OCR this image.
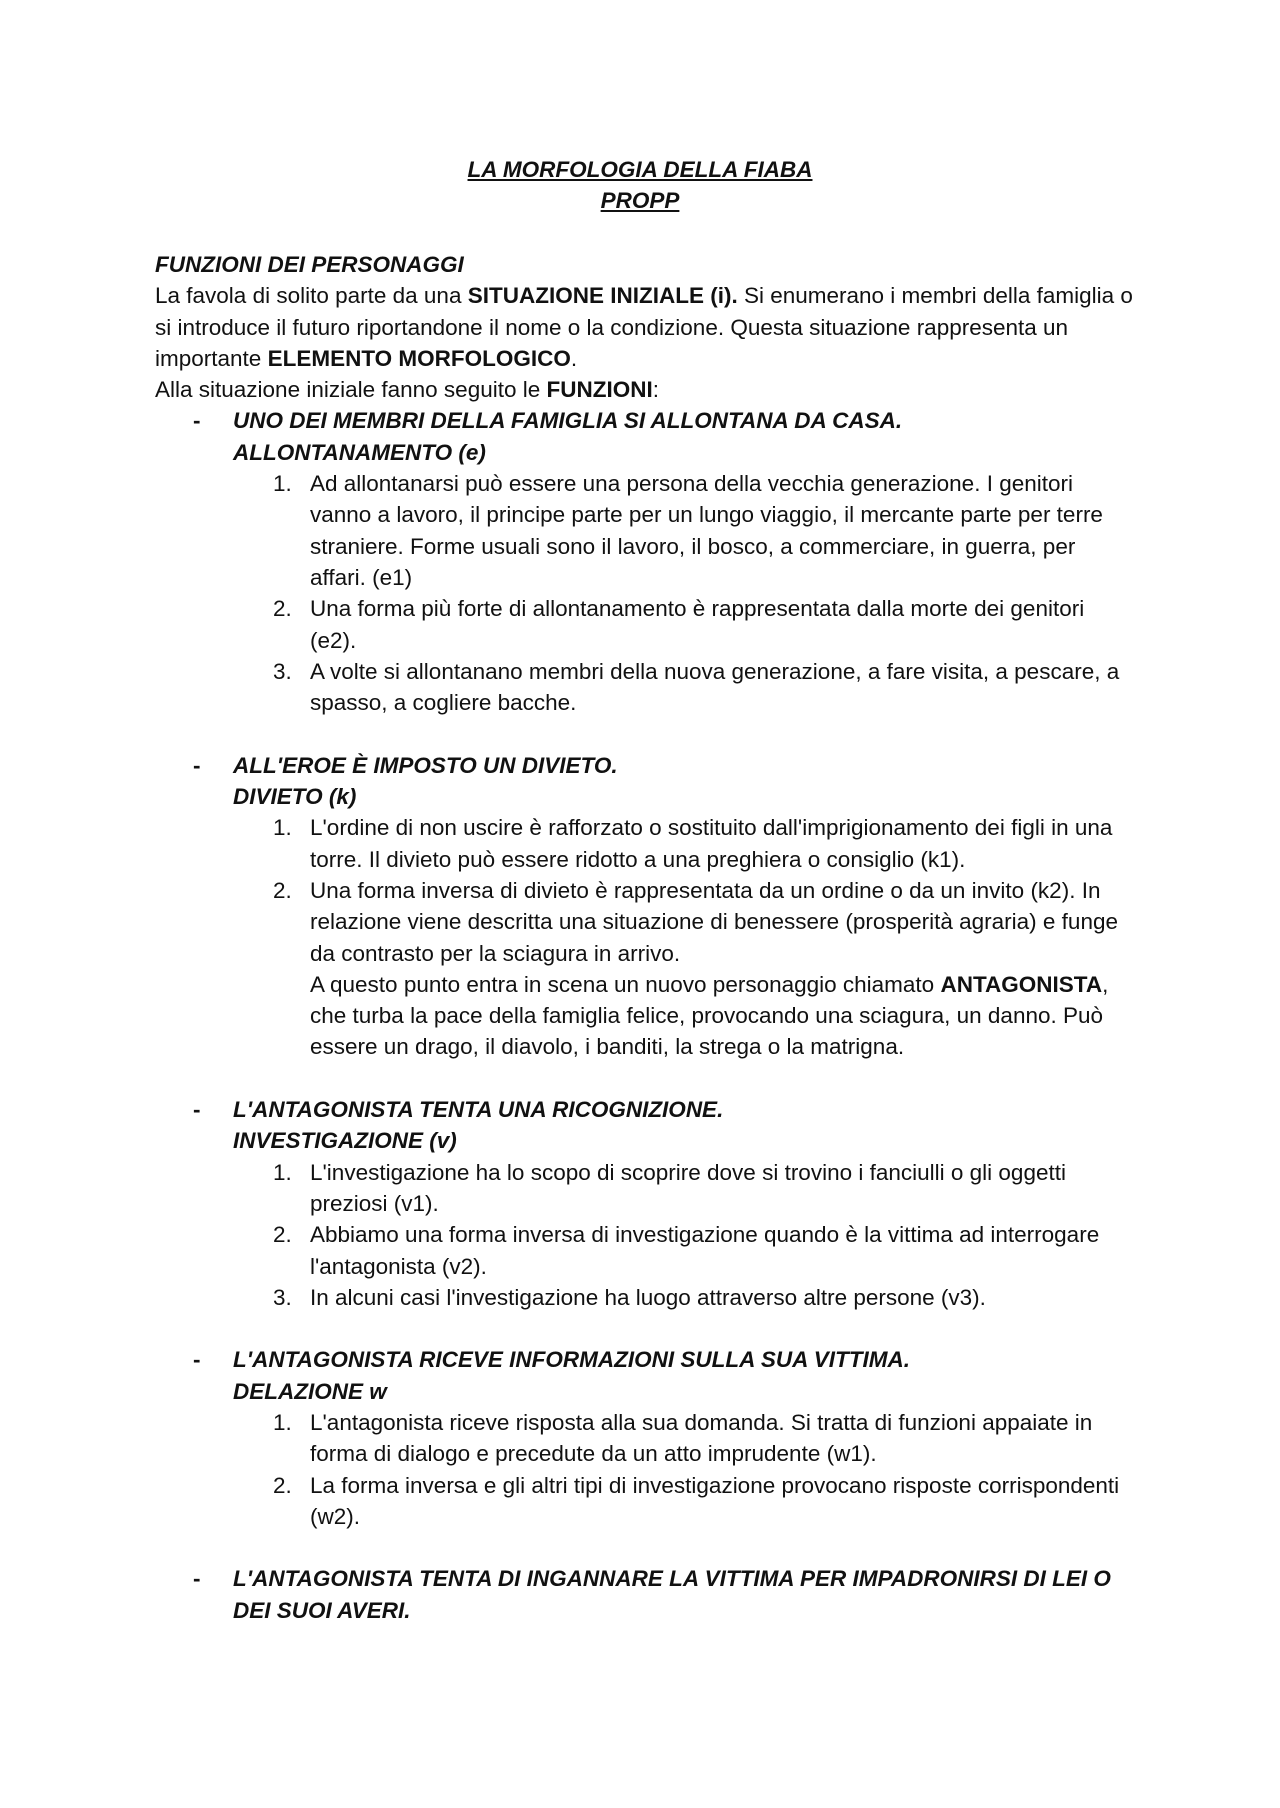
LA MORFOLOGIA DELLA FIABA

PROPP

FUNZIONI DEI PERSONAGGI

La favola di solito parte da una SITUAZIONE INIZIALE (i). Si enumerano i membri della famiglia o si introduce il futuro riportandone il nome o la condizione. Questa situazione rappresenta un importante ELEMENTO MORFOLOGICO.

Alla situazione iniziale fanno seguito le FUNZIONI:

- UNO DEI MEMBRI DELLA FAMIGLIA SI ALLONTANA DA CASA.
ALLONTANAMENTO (e)
1. Ad allontanarsi può essere una persona della vecchia generazione. I genitori vanno a lavoro, il principe parte per un lungo viaggio, il mercante parte per terre straniere. Forme usuali sono il lavoro, il bosco, a commerciare, in guerra, per affari. (e1)
2. Una forma più forte di allontanamento è rappresentata dalla morte dei genitori (e2).
3. A volte si allontanano membri della nuova generazione, a fare visita, a pescare, a spasso, a cogliere bacche.
- ALL'EROE È IMPOSTO UN DIVIETO.
DIVIETO (k)
1. L'ordine di non uscire è rafforzato o sostituito dall'imprigionamento dei figli in una torre. Il divieto può essere ridotto a una preghiera o consiglio (k1).
2. Una forma inversa di divieto è rappresentata da un ordine o da un invito (k2). In relazione viene descritta una situazione di benessere (prosperità agraria) e funge da contrasto per la sciagura in arrivo.
A questo punto entra in scena un nuovo personaggio chiamato ANTAGONISTA, che turba la pace della famiglia felice, provocando una sciagura, un danno. Può essere un drago, il diavolo, i banditi, la strega o la matrigna.
- L'ANTAGONISTA TENTA UNA RICOGNIZIONE.
INVESTIGAZIONE (v)
1. L'investigazione ha lo scopo di scoprire dove si trovino i fanciulli o gli oggetti preziosi (v1).
2. Abbiamo una forma inversa di investigazione quando è la vittima ad interrogare l'antagonista (v2).
3. In alcuni casi l'investigazione ha luogo attraverso altre persone (v3).
- L'ANTAGONISTA RICEVE INFORMAZIONI SULLA SUA VITTIMA.
DELAZIONE w
1. L'antagonista riceve risposta alla sua domanda. Si tratta di funzioni appaiate in forma di dialogo e precedute da un atto imprudente (w1).
2. La forma inversa e gli altri tipi di investigazione provocano risposte corrispondenti (w2).
- L'ANTAGONISTA TENTA DI INGANNARE LA VITTIMA PER IMPADRONIRSI DI LEI O DEI SUOI AVERI.
